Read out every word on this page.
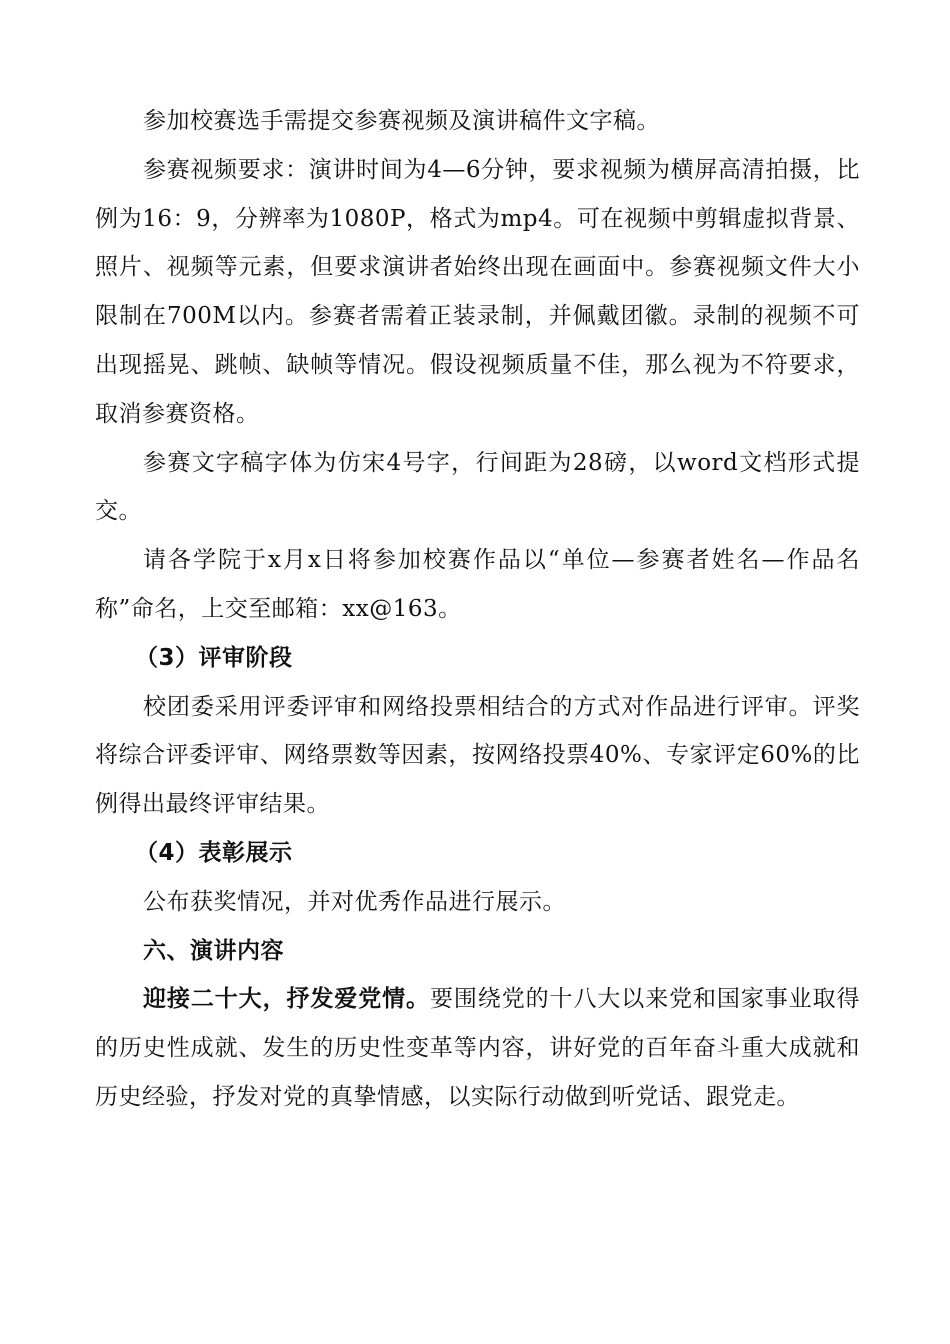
参加校赛选手需提交参赛视频及演讲稿件文字稿。

参赛视频要求：演讲时间为4—6分钟，要求视频为横屏高清拍摄，比例为16：9，分辨率为1080P，格式为mp4。可在视频中剪辑虚拟背景、照片、视频等元素，但要求演讲者始终出现在画面中。参赛视频文件大小限制在700M以内。参赛者需着正装录制，并佩戴团徽。录制的视频不可出现摇晃、跳帧、缺帧等情况。假设视频质量不佳，那么视为不符要求，取消参赛资格。

参赛文字稿字体为仿宋4号字，行间距为28磅，以word文档形式提交。

请各学院于x月x日将参加校赛作品以“单位—参赛者姓名—作品名称”命名，上交至邮箱：xx@163。

（3）评审阶段

校团委采用评委评审和网络投票相结合的方式对作品进行评审。评奖将综合评委评审、网络票数等因素，按网络投票40%、专家评定60%的比例得出最终评审结果。

（4）表彰展示

公布获奖情况，并对优秀作品进行展示。

六、演讲内容

迎接二十大，抒发爱党情。要围绕党的十八大以来党和国家事业取得的历史性成就、发生的历史性变革等内容，讲好党的百年奋斗重大成就和历史经验，抒发对党的真挚情感，以实际行动做到听党话、跟党走。
